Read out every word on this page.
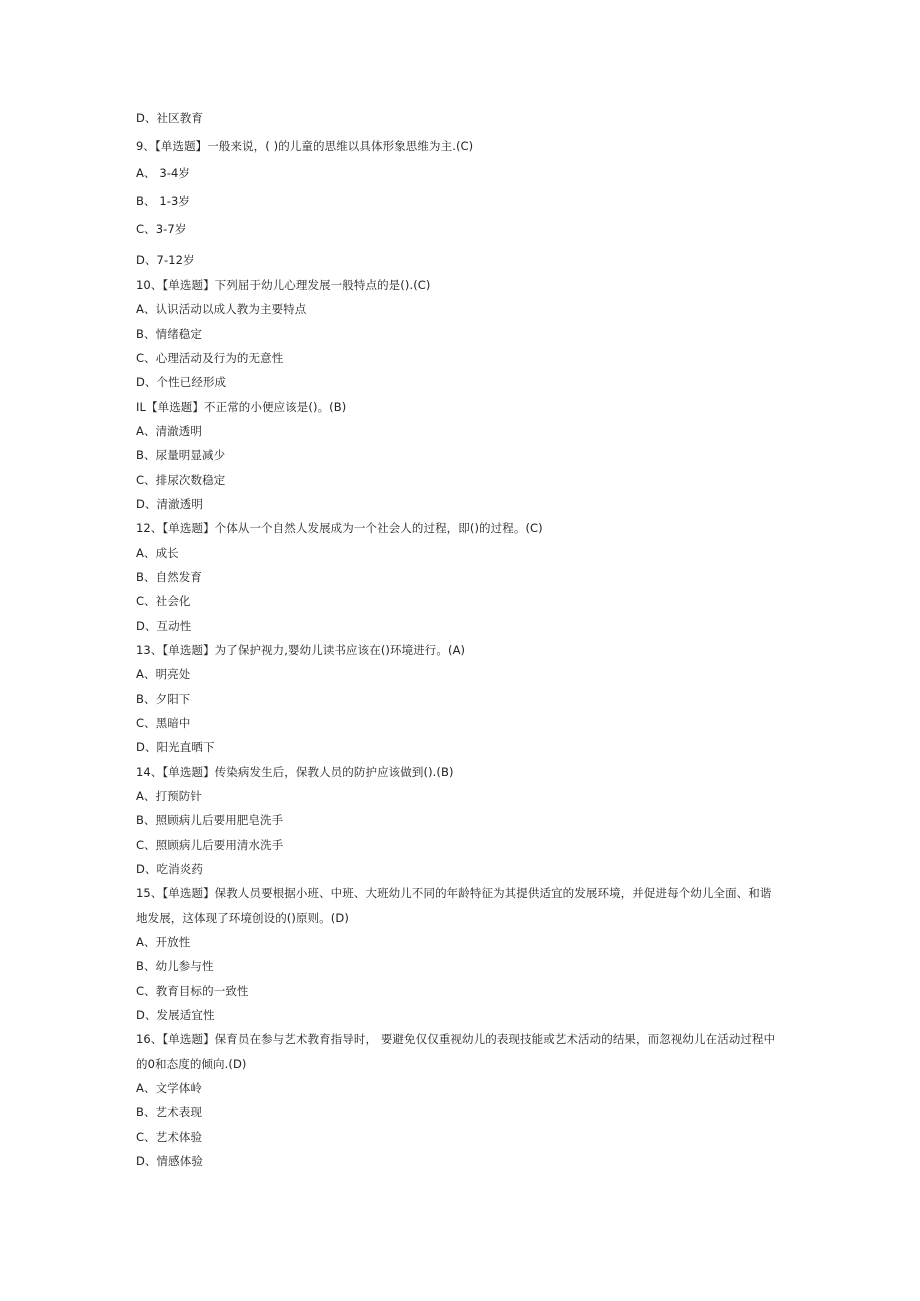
D、社区教育
9、【单选题】一般来说，( )的儿童的思维以具体形象思维为主.(C)
A、 3-4岁
B、 1-3岁
C、3-7岁
D、7-12岁
10、【单选题】下列屈于幼儿心理发展一般特点的是().(C)
A、认识活动以成人教为主要特点
B、情绪稳定
C、心理活动及行为的无意性
D、个性已经形成
IL【单选题】不正常的小便应该是()。(B)
A、清澈透明
B、尿量明显减少
C、排尿次数稳定
D、清澈透明
12、【单选题】个体从一个自然人发展成为一个社会人的过程，即()的过程。(C)
A、成长
B、自然发育
C、社会化
D、互动性
13、【单选题】为了保护视力,婴幼儿读书应该在()环境进行。(A)
A、明亮处
B、夕阳下
C、黑暗中
D、阳光直晒下
14、【单选题】传染病发生后，保教人员的防护应该做到().(B)
A、打预防针
B、照顾病儿后要用肥皂洗手
C、照顾病儿后要用清水洗手
D、吃消炎药
15、【单选题】保教人员要根据小班、中班、大班幼儿不同的年龄特征为其提供适宜的发展环境，并促进每个幼儿全面、和谐
地发展，这体现了环境创设的()原则。(D)
A、开放性
B、幼儿参与性
C、教育目标的一致性
D、发展适宜性
16、【单选题】保育员在参与艺术教育指导时， 要避免仅仅重视幼儿的表现技能或艺术活动的结果，而忽视幼儿在活动过程中
的0和态度的倾向.(D)
A、文学体岭
B、艺术表现
C、艺术体验
D、情感体验
